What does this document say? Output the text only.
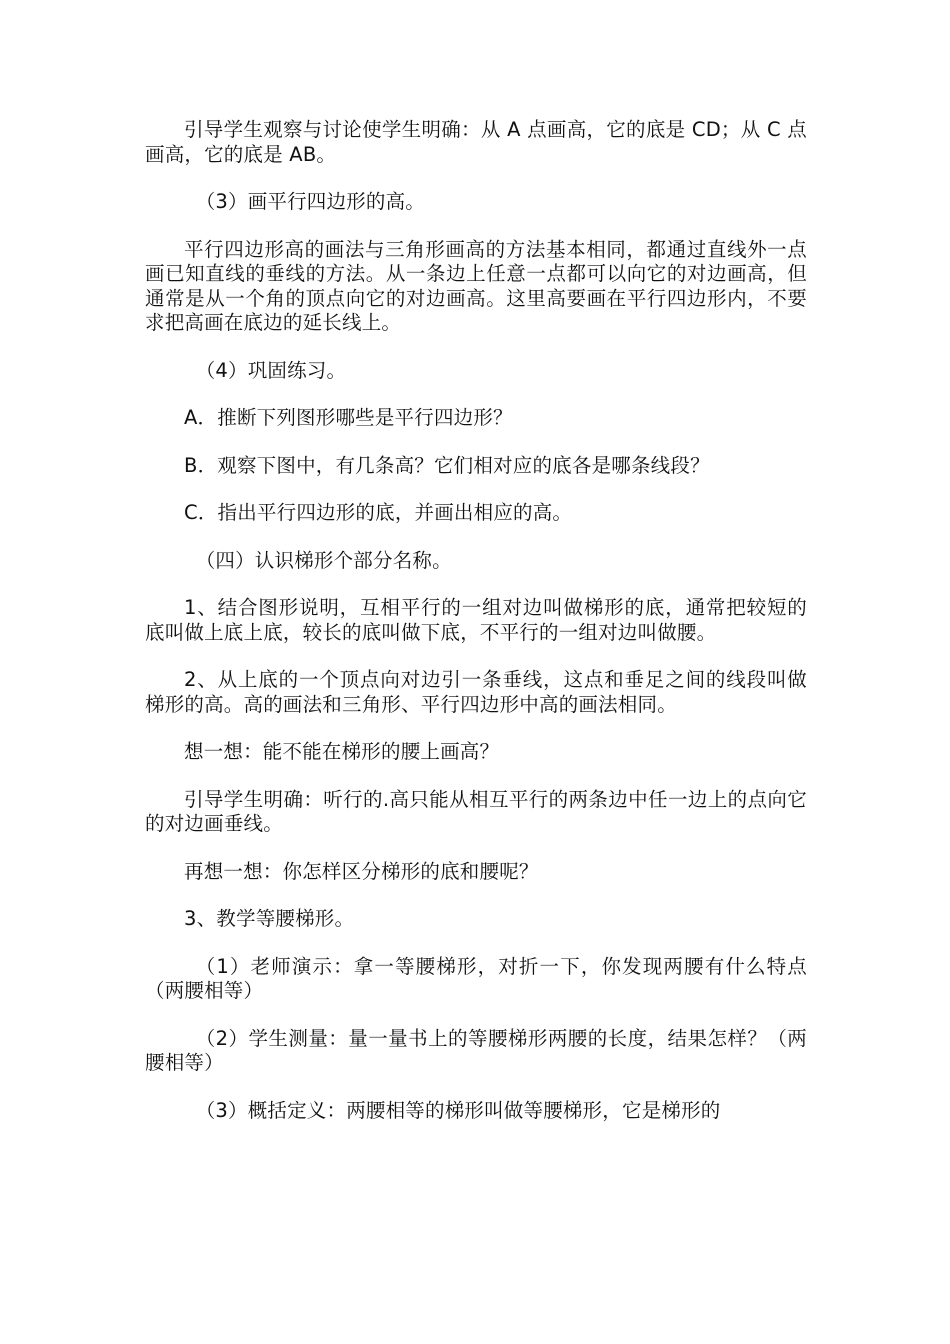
引导学生观察与讨论使学生明确：从 A 点画高，它的底是 CD；从 C 点画高，它的底是 AB。

（3）画平行四边形的高。

平行四边形高的画法与三角形画高的方法基本相同，都通过直线外一点画已知直线的垂线的方法。从一条边上任意一点都可以向它的对边画高，但通常是从一个角的顶点向它的对边画高。这里高要画在平行四边形内，不要求把高画在底边的延长线上。

（4）巩固练习。

A．推断下列图形哪些是平行四边形？

B．观察下图中，有几条高？它们相对应的底各是哪条线段？

C．指出平行四边形的底，并画出相应的高。

（四）认识梯形个部分名称。

1、结合图形说明，互相平行的一组对边叫做梯形的底，通常把较短的底叫做上底上底，较长的底叫做下底，不平行的一组对边叫做腰。

2、从上底的一个顶点向对边引一条垂线，这点和垂足之间的线段叫做梯形的高。高的画法和三角形、平行四边形中高的画法相同。

想一想：能不能在梯形的腰上画高？

引导学生明确：听行的.高只能从相互平行的两条边中任一边上的点向它的对边画垂线。

再想一想：你怎样区分梯形的底和腰呢？

3、教学等腰梯形。

（1）老师演示：拿一等腰梯形，对折一下，你发现两腰有什么特点（两腰相等）

（2）学生测量：量一量书上的等腰梯形两腰的长度，结果怎样？（两腰相等）

（3）概括定义：两腰相等的梯形叫做等腰梯形，它是梯形的
